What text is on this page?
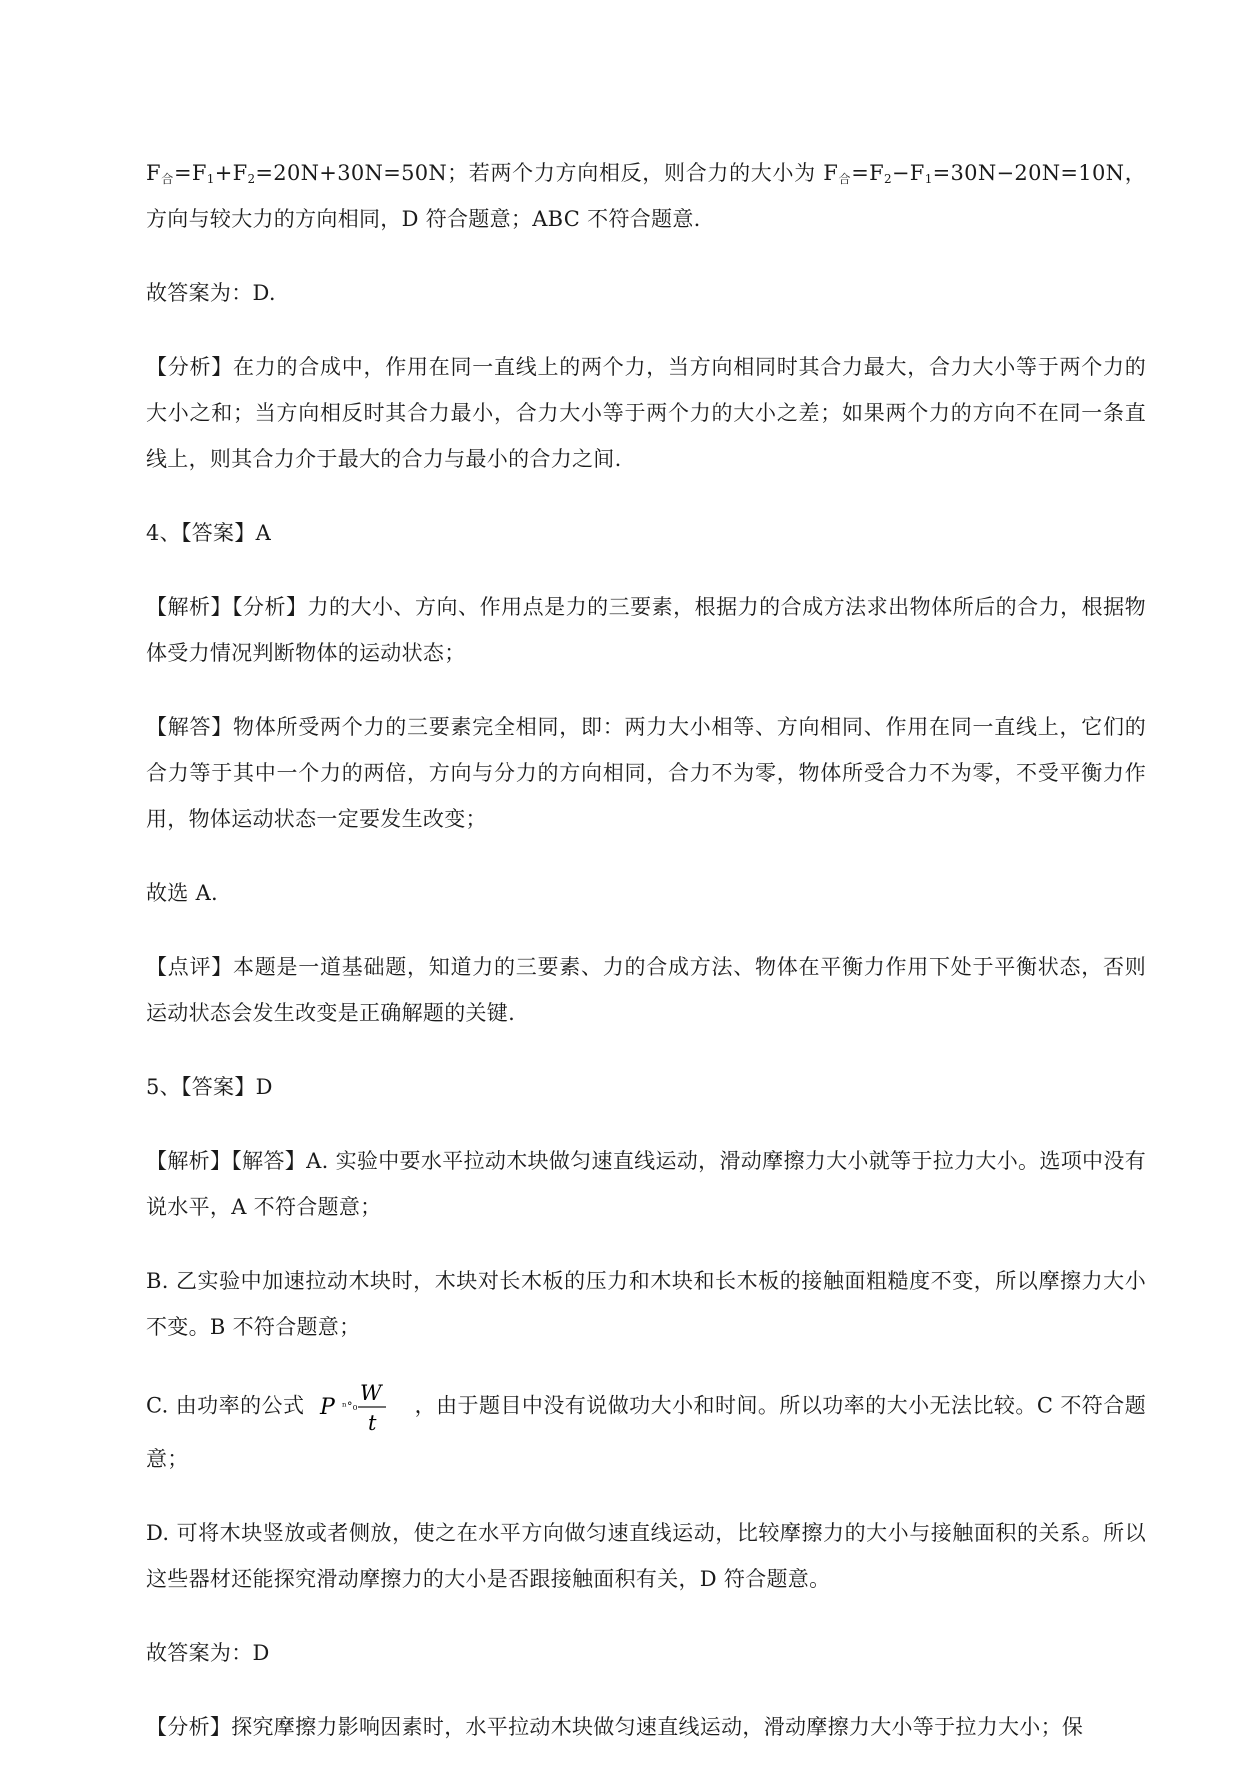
$F_合=F_1+F_2=20N+30N=50N$；若两个力方向相反，则合力的大小为 $F_合=F_2-F_1=30N-20N=10N$，方向与较大力的方向相同，D 符合题意；ABC 不符合题意.

故答案为：D.

【分析】在力的合成中，作用在同一直线上的两个力，当方向相同时其合力最大，合力大小等于两个力的大小之和；当方向相反时其合力最小，合力大小等于两个力的大小之差；如果两个力的方向不在同一条直线上，则其合力介于最大的合力与最小的合力之间.

4、【答案】A

【解析】【分析】力的大小、方向、作用点是力的三要素，根据力的合成方法求出物体所后的合力，根据物体受力情况判断物体的运动状态；

【解答】物体所受两个力的三要素完全相同，即：两力大小相等、方向相同、作用在同一直线上，它们的合力等于其中一个力的两倍，方向与分力的方向相同，合力不为零，物体所受合力不为零，不受平衡力作用，物体运动状态一定要发生改变；

故选 A.

【点评】本题是一道基础题，知道力的三要素、力的合成方法、物体在平衡力作用下处于平衡状态，否则运动状态会发生改变是正确解题的关键.

5、【答案】D

【解析】【解答】A. 实验中要水平拉动木块做匀速直线运动，滑动摩擦力大小就等于拉力大小。选项中没有说水平，A 不符合题意；

B. 乙实验中加速拉动木块时，木块对长木板的压力和木块和长木板的接触面粗糙度不变，所以摩擦力大小不变。B 不符合题意；

C. 由功率的公式 P ⁿ°₀
W
t
，由于题目中没有说做功大小和时间。所以功率的大小无法比较。C 不符合题意；

D. 可将木块竖放或者侧放，使之在水平方向做匀速直线运动，比较摩擦力的大小与接触面积的关系。所以这些器材还能探究滑动摩擦力的大小是否跟接触面积有关，D 符合题意。

故答案为：D

【分析】探究摩擦力影响因素时，水平拉动木块做匀速直线运动，滑动摩擦力大小等于拉力大小；保
